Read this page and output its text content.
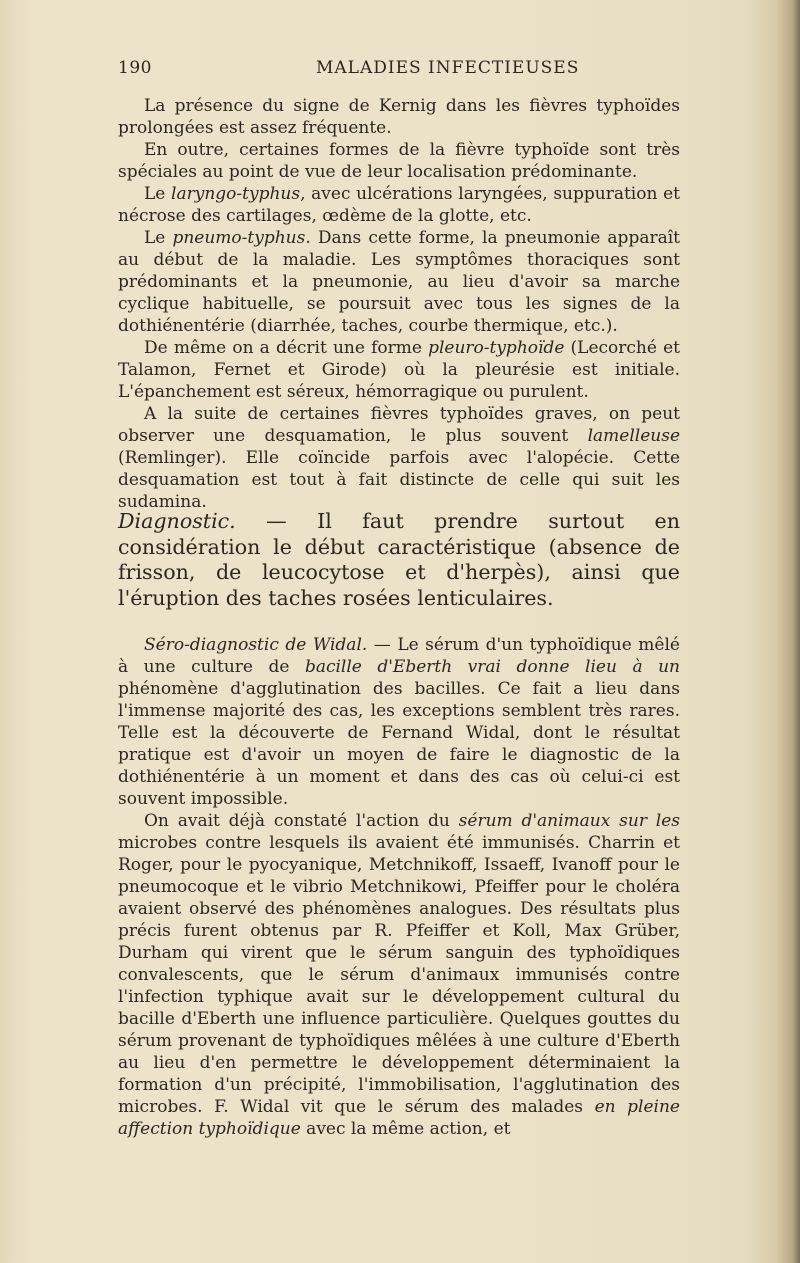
190	MALADIES INFECTIEUSES

La présence du signe de Kernig dans les fièvres typhoïdes prolongées est assez fréquente.

En outre, certaines formes de la fièvre typhoïde sont très spéciales au point de vue de leur localisation prédominante.

Le laryngo-typhus, avec ulcérations laryngées, suppuration et nécrose des cartilages, œdème de la glotte, etc.

Le pneumo-typhus. Dans cette forme, la pneumonie apparaît au début de la maladie. Les symptômes thoraciques sont prédominants et la pneumonie, au lieu d'avoir sa marche cyclique habituelle, se poursuit avec tous les signes de la dothiénentérie (diarrhée, taches, courbe thermique, etc.).

De même on a décrit une forme pleuro-typhoïde (Lecorché et Talamon, Fernet et Girode) où la pleurésie est initiale. L'épanchement est séreux, hémorragique ou purulent.

A la suite de certaines fièvres typhoïdes graves, on peut observer une desquamation, le plus souvent lamelleuse (Remlinger). Elle coïncide parfois avec l'alopécie. Cette desquamation est tout à fait distincte de celle qui suit les sudamina.

Diagnostic. — Il faut prendre surtout en considération le début caractéristique (absence de frisson, de leucocytose et d'herpès), ainsi que l'éruption des taches rosées lenticulaires.

Séro-diagnostic de Widal. — Le sérum d'un typhoïdique mêlé à une culture de bacille d'Eberth vrai donne lieu à un phénomène d'agglutination des bacilles. Ce fait a lieu dans l'immense majorité des cas, les exceptions semblent très rares. Telle est la découverte de Fernand Widal, dont le résultat pratique est d'avoir un moyen de faire le diagnostic de la dothiénentérie à un moment et dans des cas où celui-ci est souvent impossible.

On avait déjà constaté l'action du sérum d'animaux sur les microbes contre lesquels ils avaient été immunisés. Charrin et Roger, pour le pyocyanique, Metchnikoff, Issaeff, Ivanoff pour le pneumocoque et le vibrio Metchnikowi, Pfeiffer pour le choléra avaient observé des phénomènes analogues. Des résultats plus précis furent obtenus par R. Pfeiffer et Koll, Max Grüber, Durham qui virent que le sérum sanguin des typhoïdiques convalescents, que le sérum d'animaux immunisés contre l'infection typhique avait sur le développement cultural du bacille d'Eberth une influence particulière. Quelques gouttes du sérum provenant de typhoïdiques mêlées à une culture d'Eberth au lieu d'en permettre le développement déterminaient la formation d'un précipité, l'immobilisation, l'agglutination des microbes. F. Widal vit que le sérum des malades en pleine affection typhoïdique avec la même action, et
